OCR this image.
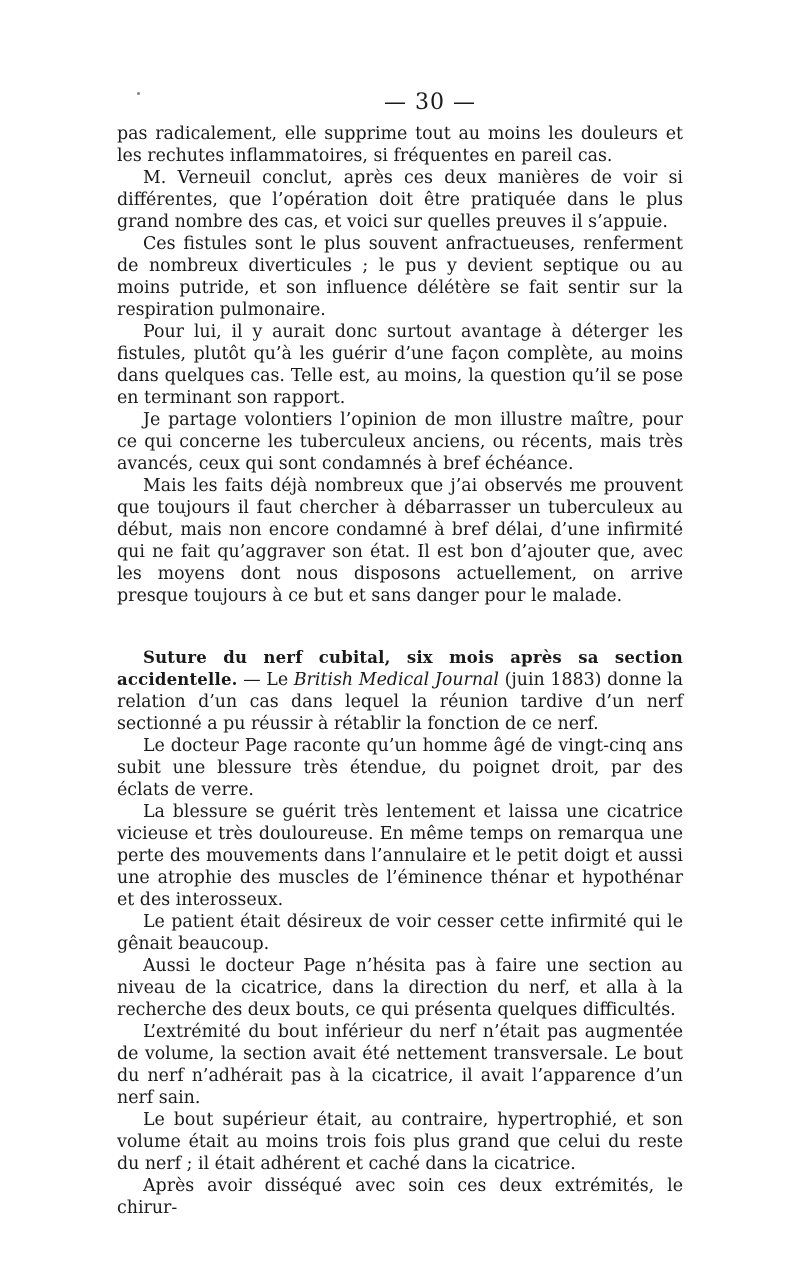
— 30 —

pas radicalement, elle supprime tout au moins les douleurs et les rechutes inflammatoires, si fréquentes en pareil cas.

M. Verneuil conclut, après ces deux manières de voir si différentes, que l’opération doit être pratiquée dans le plus grand nombre des cas, et voici sur quelles preuves il s’appuie.

Ces fistules sont le plus souvent anfractueuses, renferment de nombreux diverticules ; le pus y devient septique ou au moins putride, et son influence délétère se fait sentir sur la respiration pulmonaire.

Pour lui, il y aurait donc surtout avantage à déterger les fistules, plutôt qu’à les guérir d’une façon complète, au moins dans quelques cas. Telle est, au moins, la question qu’il se pose en terminant son rapport.

Je partage volontiers l’opinion de mon illustre maître, pour ce qui concerne les tuberculeux anciens, ou récents, mais très avancés, ceux qui sont condamnés à bref échéance.

Mais les faits déjà nombreux que j’ai observés me prouvent que toujours il faut chercher à débarrasser un tuberculeux au début, mais non encore condamné à bref délai, d’une infirmité qui ne fait qu’aggraver son état. Il est bon d’ajouter que, avec les moyens dont nous disposons actuellement, on arrive presque toujours à ce but et sans danger pour le malade.

Suture du nerf cubital, six mois après sa section accidentelle. — Le British Medical Journal (juin 1883) donne la relation d’un cas dans lequel la réunion tardive d’un nerf sectionné a pu réussir à rétablir la fonction de ce nerf.

Le docteur Page raconte qu’un homme âgé de vingt-cinq ans subit une blessure très étendue, du poignet droit, par des éclats de verre.

La blessure se guérit très lentement et laissa une cicatrice vicieuse et très douloureuse. En même temps on remarqua une perte des mouvements dans l’annulaire et le petit doigt et aussi une atrophie des muscles de l’éminence thénar et hypothénar et des interosseux.

Le patient était désireux de voir cesser cette infirmité qui le gênait beaucoup.

Aussi le docteur Page n’hésita pas à faire une section au niveau de la cicatrice, dans la direction du nerf, et alla à la recherche des deux bouts, ce qui présenta quelques difficultés.

L’extrémité du bout inférieur du nerf n’était pas augmentée de volume, la section avait été nettement transversale. Le bout du nerf n’adhérait pas à la cicatrice, il avait l’apparence d’un nerf sain.

Le bout supérieur était, au contraire, hypertrophié, et son volume était au moins trois fois plus grand que celui du reste du nerf ; il était adhérent et caché dans la cicatrice.

Après avoir disséqué avec soin ces deux extrémités, le chirur-
